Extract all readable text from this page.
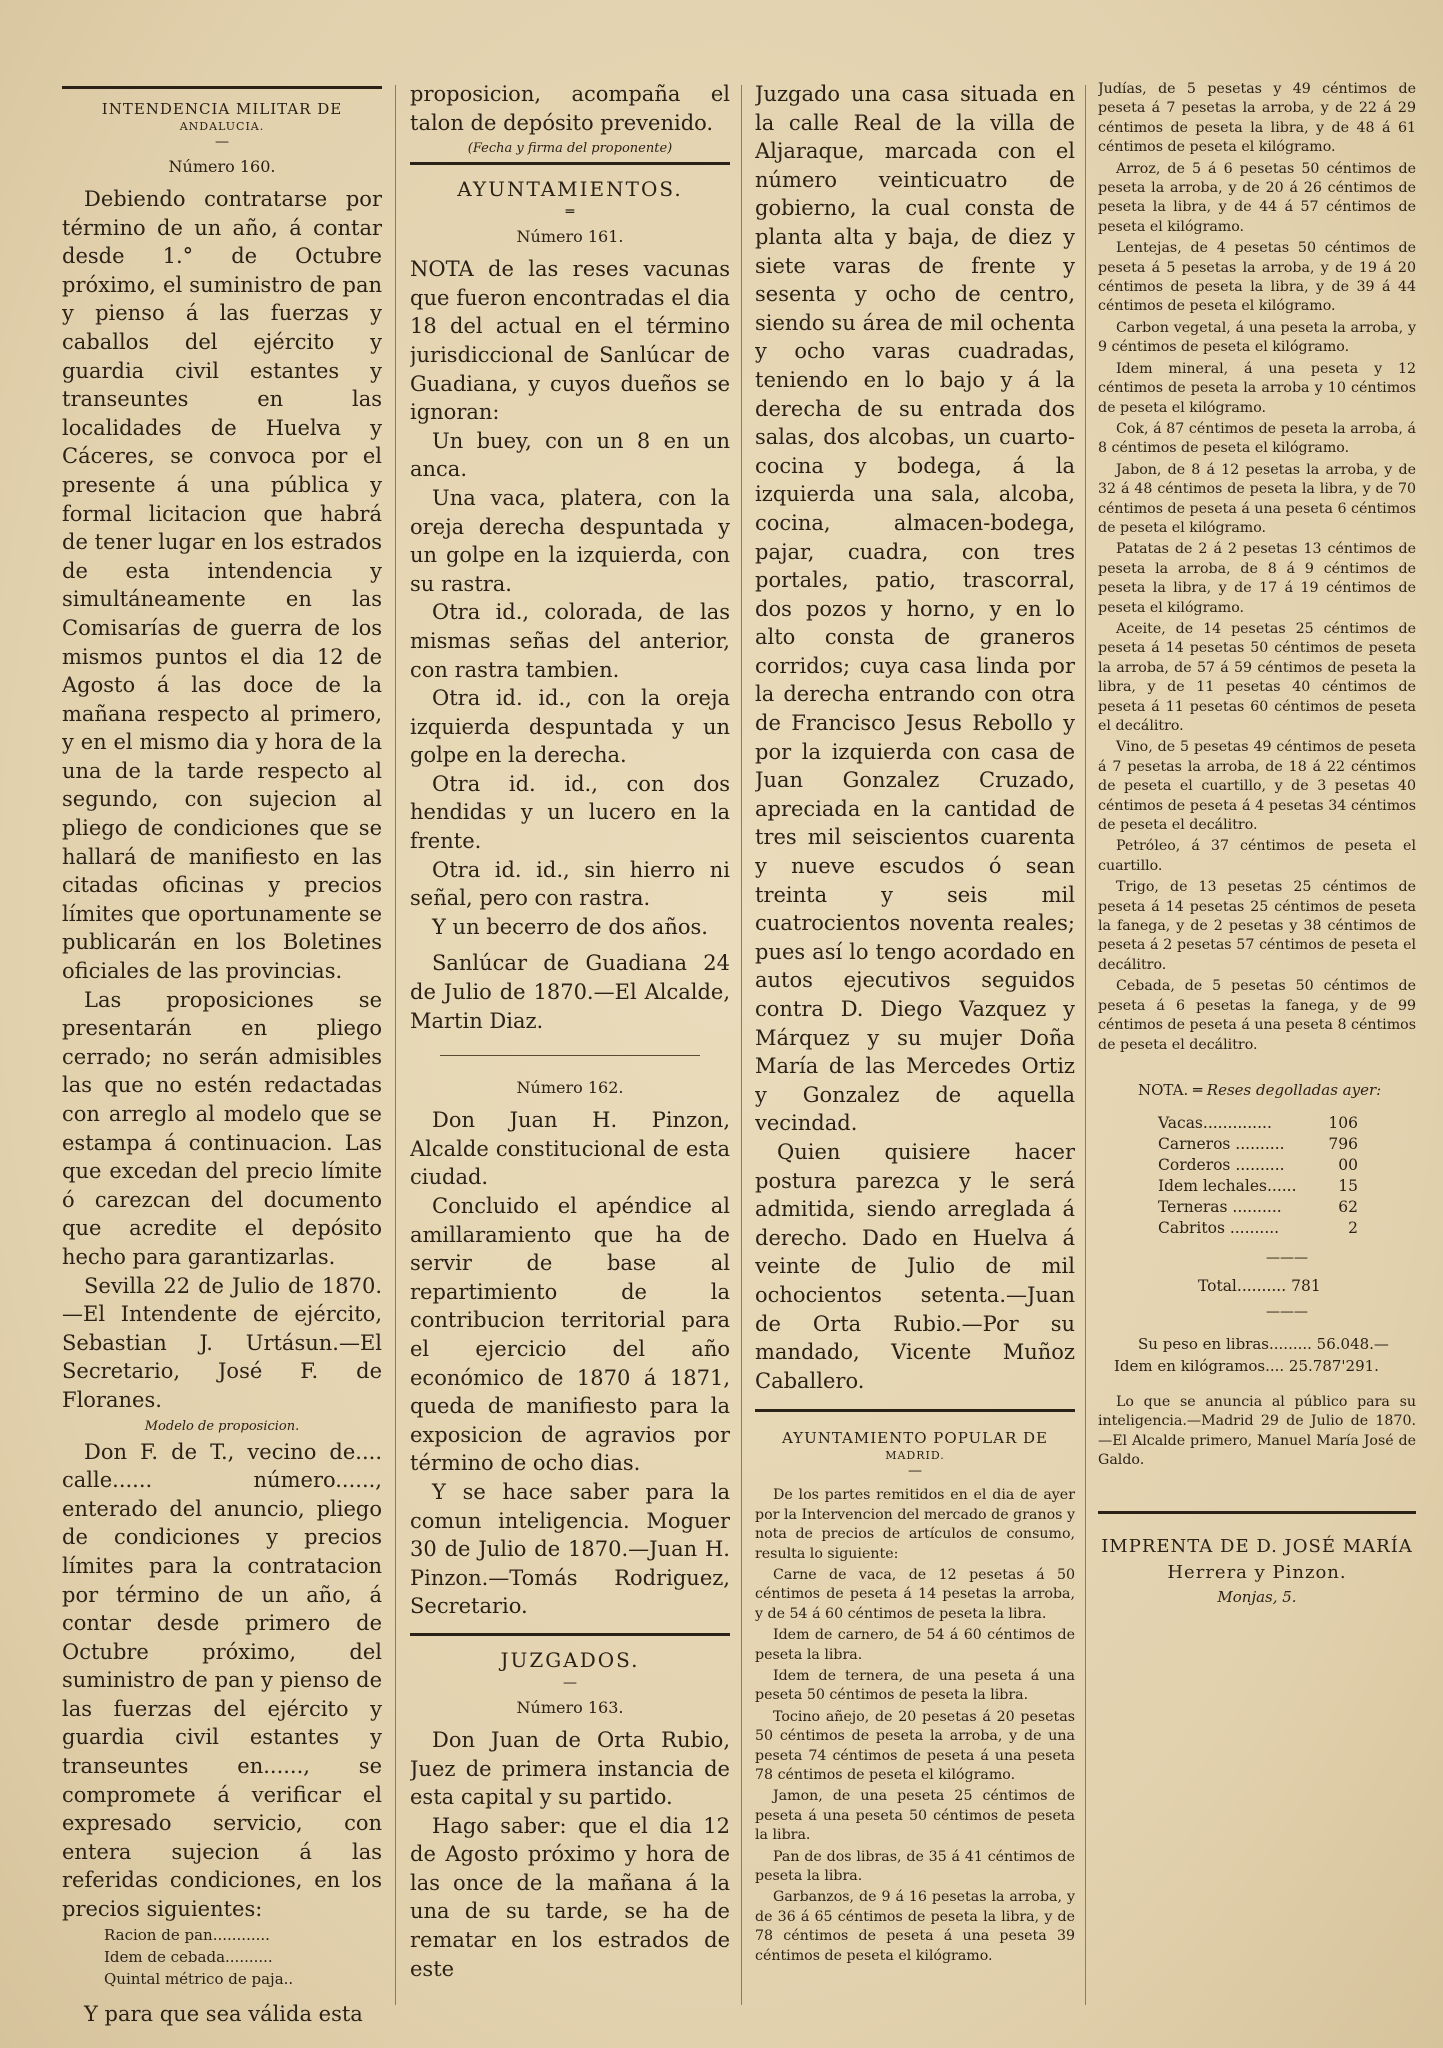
INTENDENCIA MILITAR DE
ANDALUCIA.
—
Número 160.

Debiendo contratarse por término de un año, á contar desde 1.° de Octubre próximo, el suministro de pan y pienso á las fuerzas y caballos del ejército y guardia civil estantes y transeuntes en las localidades de Huelva y Cáceres, se convoca por el presente á una pública y formal licitacion que habrá de tener lugar en los estrados de esta intendencia y simultáneamente en las Comisarías de guerra de los mismos puntos el dia 12 de Agosto á las doce de la mañana respecto al primero, y en el mismo dia y hora de la una de la tarde respecto al segundo, con sujecion al pliego de condiciones que se hallará de manifiesto en las citadas oficinas y precios límites que oportunamente se publicarán en los Boletines oficiales de las provincias.

Las proposiciones se presentarán en pliego cerrado; no serán admisibles las que no estén redactadas con arreglo al modelo que se estampa á continuacion. Las que excedan del precio límite ó carezcan del documento que acredite el depósito hecho para garantizarlas.

Sevilla 22 de Julio de 1870. —El Intendente de ejército, Sebastian J. Urtásun.—El Secretario, José F. de Floranes.

Modelo de proposicion.

Don F. de T., vecino de.... calle...... número......, enterado del anuncio, pliego de condiciones y precios límites para la contratacion por término de un año, á contar desde primero de Octubre próximo, del suministro de pan y pienso de las fuerzas del ejército y guardia civil estantes y transeuntes en......, se compromete á verificar el expresado servicio, con entera sujecion á las referidas condiciones, en los precios siguientes:

Racion de pan............
Idem de cebada..........
Quintal métrico de paja..

Y para que sea válida esta

proposicion, acompaña el talon de depósito prevenido.

(Fecha y firma del proponente)
AYUNTAMIENTOS.
═
Número 161.

NOTA de las reses vacunas que fueron encontradas el dia 18 del actual en el término jurisdiccional de Sanlúcar de Guadiana, y cuyos dueños se ignoran:

Un buey, con un 8 en un anca.

Una vaca, platera, con la oreja derecha despuntada y un golpe en la izquierda, con su rastra.

Otra id., colorada, de las mismas señas del anterior, con rastra tambien.

Otra id. id., con la oreja izquierda despuntada y un golpe en la derecha.

Otra id. id., con dos hendidas y un lucero en la frente.

Otra id. id., sin hierro ni señal, pero con rastra.

Y un becerro de dos años.

Sanlúcar de Guadiana 24 de Julio de 1870.—El Alcalde, Martin Diaz.

Número 162.

Don Juan H. Pinzon, Alcalde constitucional de esta ciudad.

Concluido el apéndice al amillaramiento que ha de servir de base al repartimiento de la contribucion territorial para el ejercicio del año económico de 1870 á 1871, queda de manifiesto para la exposicion de agravios por término de ocho dias.

Y se hace saber para la comun inteligencia. Moguer 30 de Julio de 1870.—Juan H. Pinzon.—Tomás Rodriguez, Secretario.

JUZGADOS.
—
Número 163.

Don Juan de Orta Rubio, Juez de primera instancia de esta capital y su partido.

Hago saber: que el dia 12 de Agosto próximo y hora de las once de la mañana á la una de su tarde, se ha de rematar en los estrados de este

Juzgado una casa situada en la calle Real de la villa de Aljaraque, marcada con el número veinticuatro de gobierno, la cual consta de planta alta y baja, de diez y siete varas de frente y sesenta y ocho de centro, siendo su área de mil ochenta y ocho varas cuadradas, teniendo en lo bajo y á la derecha de su entrada dos salas, dos alcobas, un cuarto-cocina y bodega, á la izquierda una sala, alcoba, cocina, almacen-bodega, pajar, cuadra, con tres portales, patio, trascorral, dos pozos y horno, y en lo alto consta de graneros corridos; cuya casa linda por la derecha entrando con otra de Francisco Jesus Rebollo y por la izquierda con casa de Juan Gonzalez Cruzado, apreciada en la cantidad de tres mil seiscientos cuarenta y nueve escudos ó sean treinta y seis mil cuatrocientos noventa reales; pues así lo tengo acordado en autos ejecutivos seguidos contra D. Diego Vazquez y Márquez y su mujer Doña María de las Mercedes Ortiz y Gonzalez de aquella vecindad.

Quien quisiere hacer postura parezca y le será admitida, siendo arreglada á derecho. Dado en Huelva á veinte de Julio de mil ochocientos setenta.—Juan de Orta Rubio.—Por su mandado, Vicente Muñoz Caballero.

AYUNTAMIENTO POPULAR DE
MADRID.
—

De los partes remitidos en el dia de ayer por la Intervencion del mercado de granos y nota de precios de artículos de consumo, resulta lo siguiente:

Carne de vaca, de 12 pesetas á 50 céntimos de peseta á 14 pesetas la arroba, y de 54 á 60 céntimos de peseta la libra.

Idem de carnero, de 54 á 60 céntimos de peseta la libra.

Idem de ternera, de una peseta á una peseta 50 céntimos de peseta la libra.

Tocino añejo, de 20 pesetas á 20 pesetas 50 céntimos de peseta la arroba, y de una peseta 74 céntimos de peseta á una peseta 78 céntimos de peseta el kilógramo.

Jamon, de una peseta 25 céntimos de peseta á una peseta 50 céntimos de peseta la libra.

Pan de dos libras, de 35 á 41 céntimos de peseta la libra.

Garbanzos, de 9 á 16 pesetas la arroba, y de 36 á 65 céntimos de peseta la libra, y de 78 céntimos de peseta á una peseta 39 céntimos de peseta el kilógramo.

Judías, de 5 pesetas y 49 céntimos de peseta á 7 pesetas la arroba, y de 22 á 29 céntimos de peseta la libra, y de 48 á 61 céntimos de peseta el kilógramo.

Arroz, de 5 á 6 pesetas 50 céntimos de peseta la arroba, y de 20 á 26 céntimos de peseta la libra, y de 44 á 57 céntimos de peseta el kilógramo.

Lentejas, de 4 pesetas 50 céntimos de peseta á 5 pesetas la arroba, y de 19 á 20 céntimos de peseta la libra, y de 39 á 44 céntimos de peseta el kilógramo.

Carbon vegetal, á una peseta la arroba, y 9 céntimos de peseta el kilógramo.

Idem mineral, á una peseta y 12 céntimos de peseta la arroba y 10 céntimos de peseta el kilógramo.

Cok, á 87 céntimos de peseta la arroba, á 8 céntimos de peseta el kilógramo.

Jabon, de 8 á 12 pesetas la arroba, y de 32 á 48 céntimos de peseta la libra, y de 70 céntimos de peseta á una peseta 6 céntimos de peseta el kilógramo.

Patatas de 2 á 2 pesetas 13 céntimos de peseta la arroba, de 8 á 9 céntimos de peseta la libra, y de 17 á 19 céntimos de peseta el kilógramo.

Aceite, de 14 pesetas 25 céntimos de peseta á 14 pesetas 50 céntimos de peseta la arroba, de 57 á 59 céntimos de peseta la libra, y de 11 pesetas 40 céntimos de peseta á 11 pesetas 60 céntimos de peseta el decálitro.

Vino, de 5 pesetas 49 céntimos de peseta á 7 pesetas la arroba, de 18 á 22 céntimos de peseta el cuartillo, y de 3 pesetas 40 céntimos de peseta á 4 pesetas 34 céntimos de peseta el decálitro.

Petróleo, á 37 céntimos de peseta el cuartillo.

Trigo, de 13 pesetas 25 céntimos de peseta á 14 pesetas 25 céntimos de peseta la fanega, y de 2 pesetas y 38 céntimos de peseta á 2 pesetas 57 céntimos de peseta el decálitro.

Cebada, de 5 pesetas 50 céntimos de peseta á 6 pesetas la fanega, y de 99 céntimos de peseta á una peseta 8 céntimos de peseta el decálitro.

NOTA. ═ Reses degolladas ayer:
Vacas..............	106
Carneros ..........	796
Corderos ..........	00
Idem lechales......	15
Terneras ..........	62
Cabritos ..........	2
———
Total.......... 781
———
Su peso en libras......... 56.048.—
Idem en kilógramos.... 25.787'291.

Lo que se anuncia al público para su inteligencia.—Madrid 29 de Julio de 1870.—El Alcalde primero, Manuel María José de Galdo.

IMPRENTA DE D. JOSÉ MARÍA Herrera y Pinzon.
Monjas, 5.
